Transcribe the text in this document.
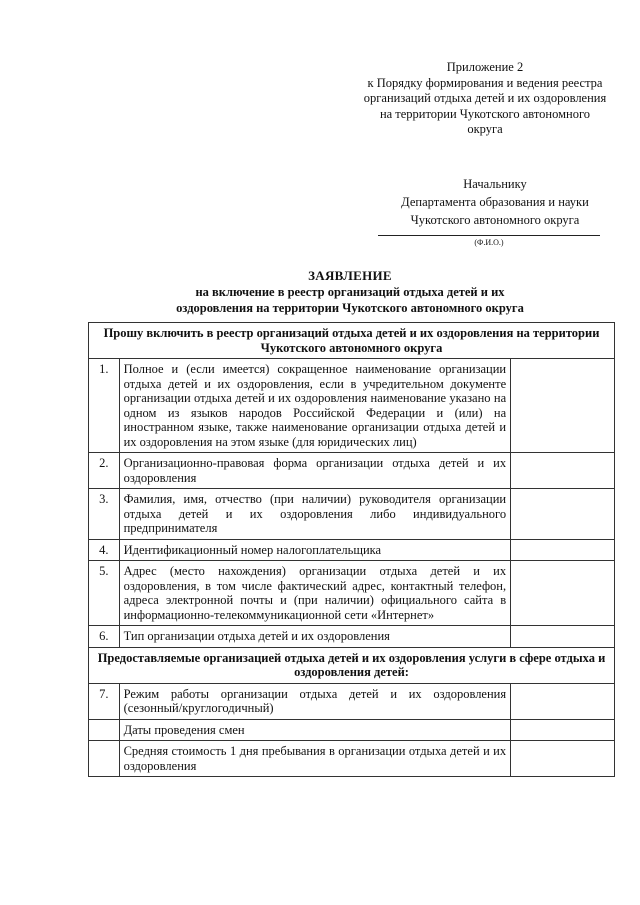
Приложение 2
к Порядку формирования и ведения реестра
организаций отдыха детей и их оздоровления
на территории Чукотского автономного
округа
Начальнику
Департамента образования и науки
Чукотского автономного округа
(Ф.И.О.)
ЗАЯВЛЕНИЕ
на включение в реестр организаций отдыха детей и их
оздоровления на территории Чукотского автономного округа
Прошу включить в реестр организаций отдыха детей и их оздоровления на территории Чукотского автономного округа		
1.	Полное и (если имеется) сокращенное наименование организации отдыха детей и их оздоровления, если в учредительном документе организации отдыха детей и их оздоровления наименование указано на одном из языков народов Российской Федерации и (или) на иностранном языке, также наименование организации отдыха детей и их оздоровления на этом языке (для юридических лиц)	
2.	Организационно-правовая форма организации отдыха детей и их оздоровления	
3.	Фамилия, имя, отчество (при наличии) руководителя организации отдыха детей и их оздоровления либо индивидуального предпринимателя	
4.	Идентификационный номер налогоплательщика	
5.	Адрес (место нахождения) организации отдыха детей и их оздоровления, в том числе фактический адрес, контактный телефон, адреса электронной почты и (при наличии) официального сайта в информационно-телекоммуникационной сети «Интернет»	
6.	Тип организации отдыха детей и их оздоровления	
Предоставляемые организацией отдыха детей и их оздоровления услуги в сфере отдыха и оздоровления детей:		
7.	Режим работы организации отдыха детей и их оздоровления (сезонный/круглогодичный)	
	Даты проведения смен	
	Средняя стоимость 1 дня пребывания в организации отдыха детей и их оздоровления	
